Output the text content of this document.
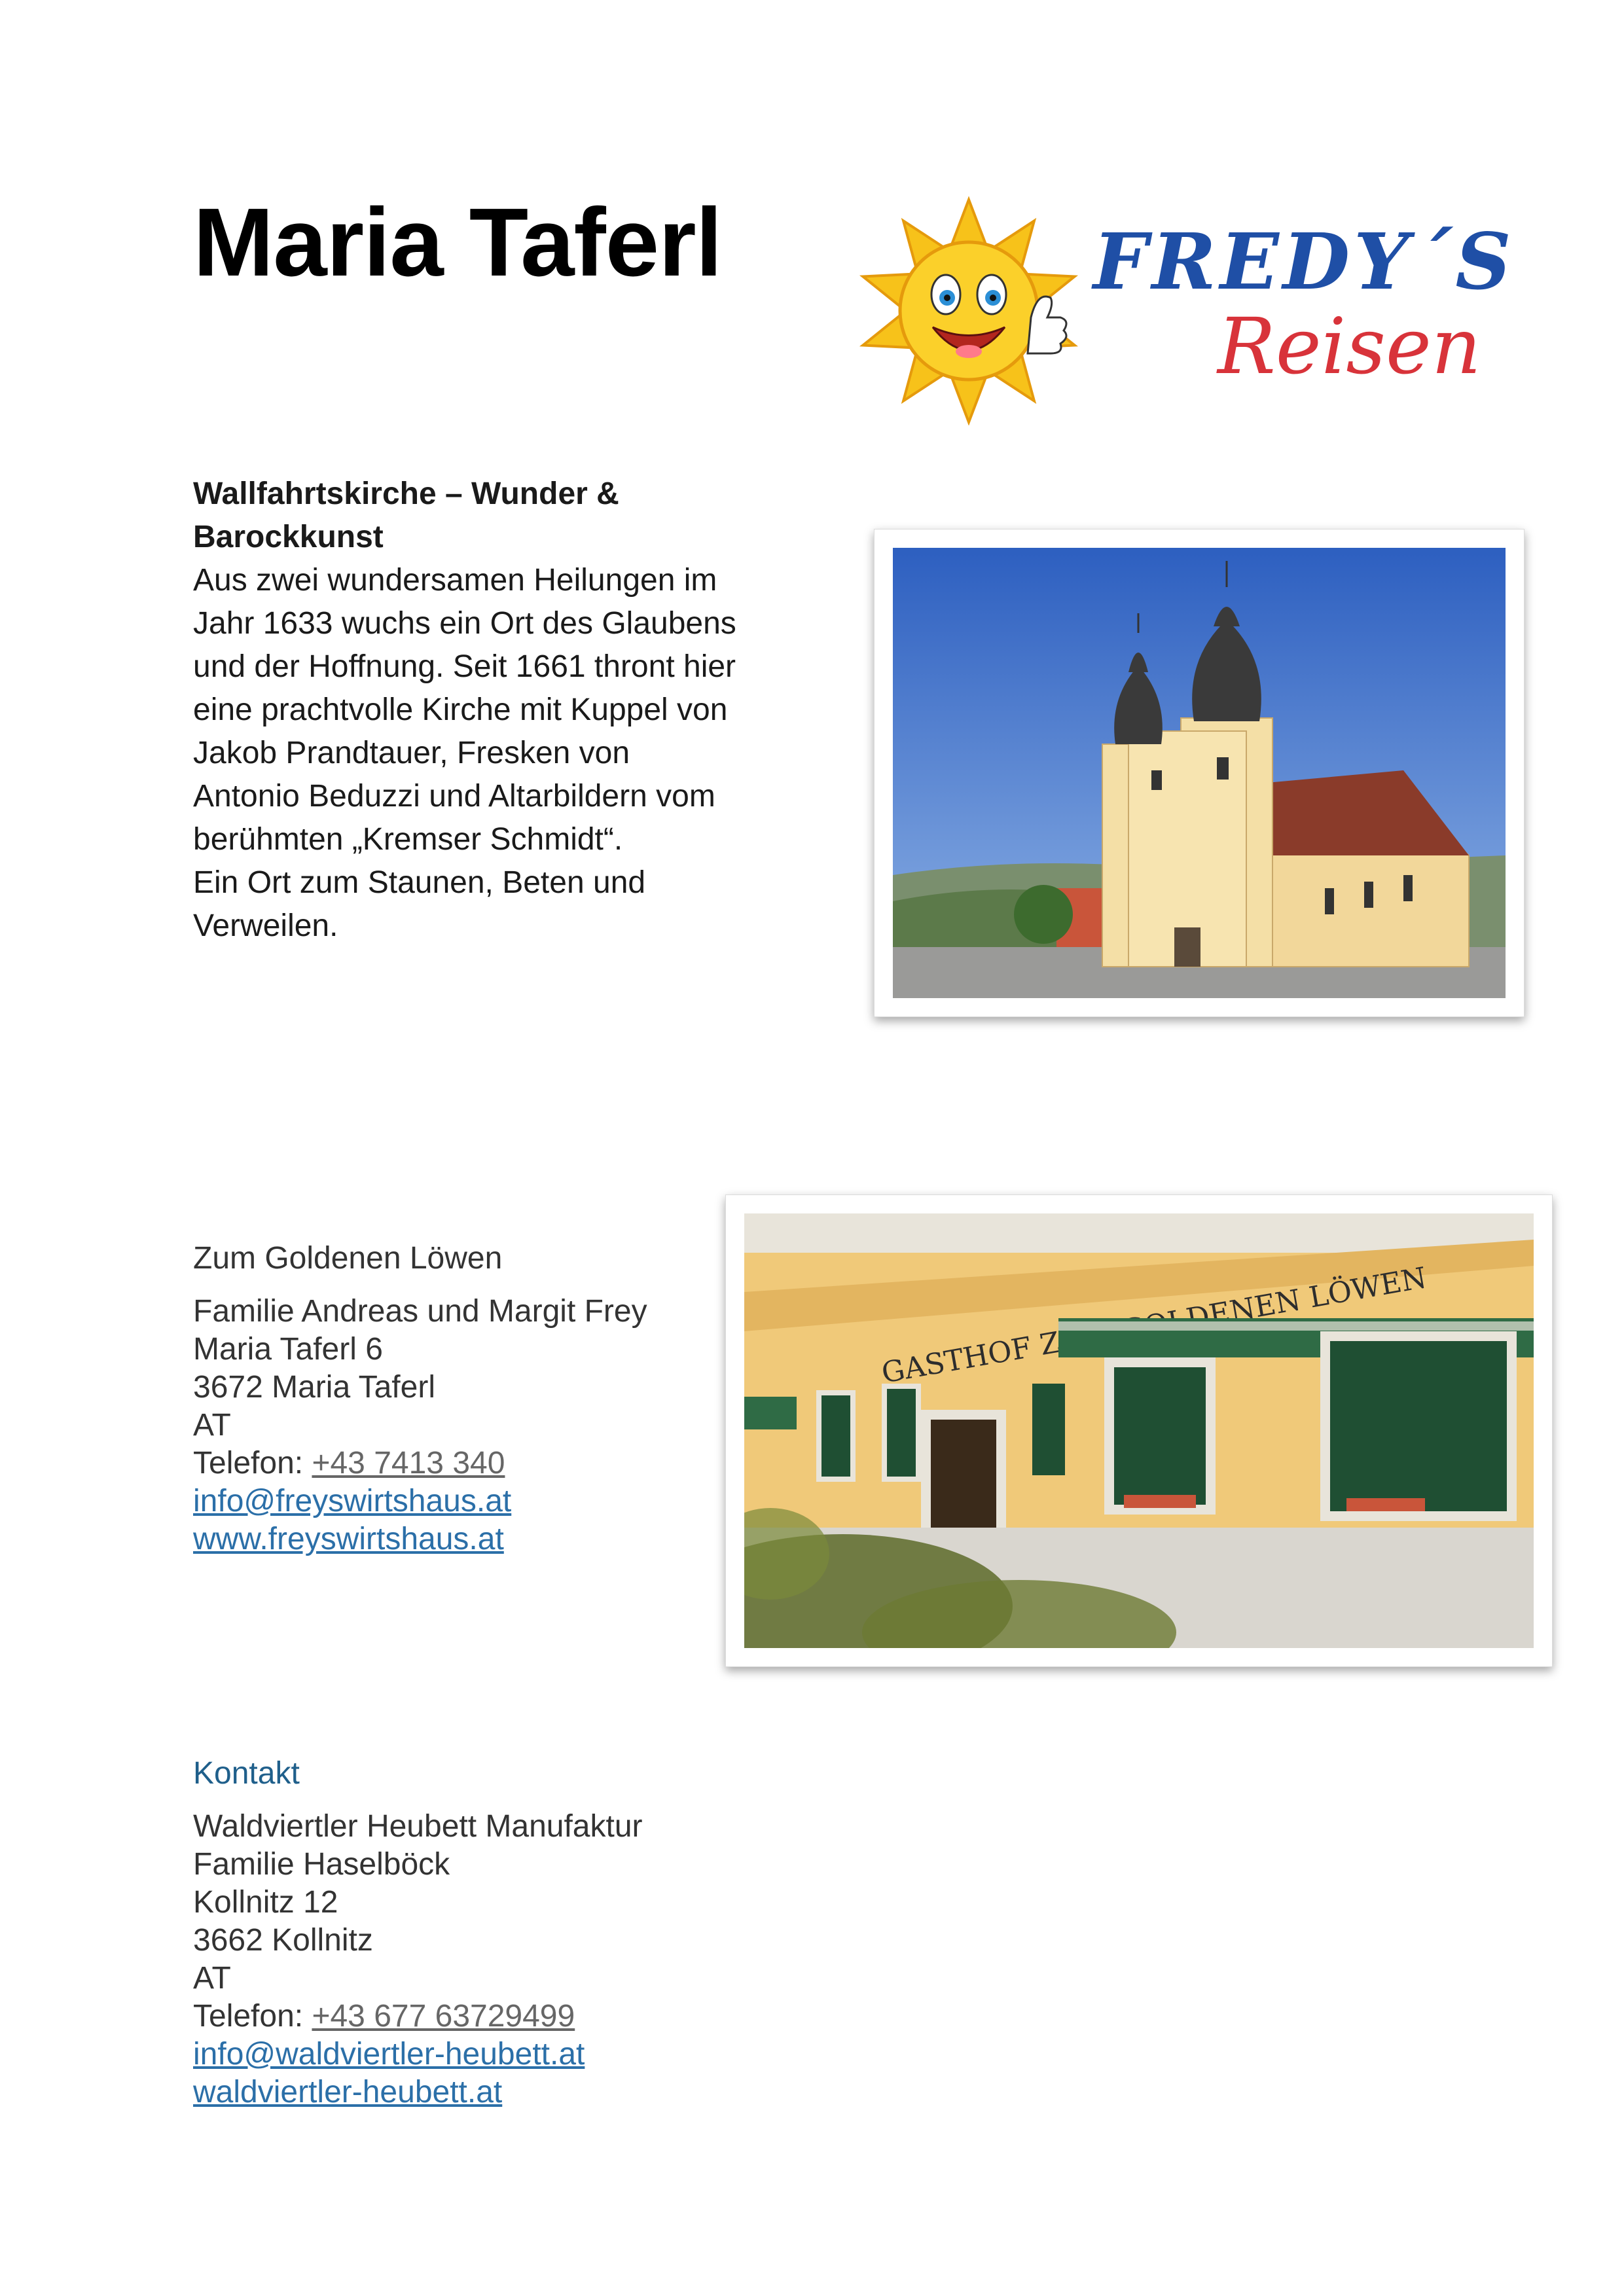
Maria Taferl	FREDY´S
Reisen
Wallfahrtskirche – Wunder &
Barockkunst
Aus zwei wundersamen Heilungen im
Jahr 1633 wuchs ein Ort des Glaubens
und der Hoffnung. Seit 1661 thront hier
eine prachtvolle Kirche mit Kuppel von
Jakob Prandtauer, Fresken von
Antonio Beduzzi und Altarbildern vom
berühmten „Kremser Schmidt“.
Ein Ort zum Staunen, Beten und
Verweilen.
Zum Goldenen Löwen
Familie Andreas und Margit Frey
Maria Taferl 6
3672 Maria Taferl
AT
Telefon: +43 7413 340
info@freyswirtshaus.at
www.freyswirtshaus.at
GASTHOF GOLDENEN LÖWEN
Kontakt
Waldviertler Heubett Manufaktur
Familie Haselböck
Kollnitz 12
3662 Kollnitz
AT
Telefon: +43 677 63729499
info@waldviertler-heubett.at
waldviertler-heubett.at
